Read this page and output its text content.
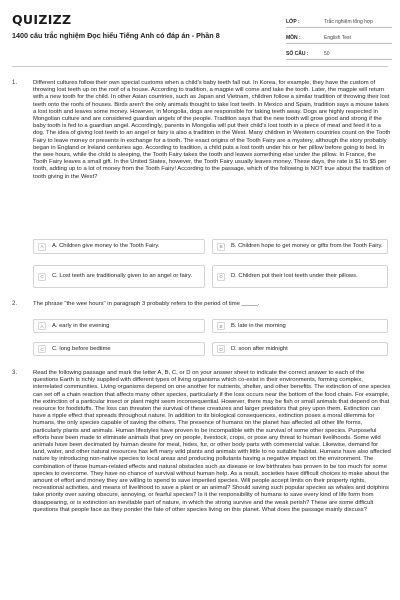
QUIZIZZ
1400 câu trắc nghiệm Đọc hiểu Tiếng Anh có đáp án - Phần 8
LỚP :	Trắc nghiệm tổng hợp
MÔN :	English Test
SỐ CÂU :	50
1.	Different cultures follow their own special customs when a child's baby teeth fall out. In Korea, for example, they have the custom of throwing lost teeth up on the roof of a house. According to tradition, a magpie will come and take the tooth. Later, the magpie will return with a new tooth for the child. In other Asian countries, such as Japan and Vietnam, children follow a similar tradition of throwing their lost teeth onto the roofs of houses. Birds aren't the only animals thought to take lost teeth. In Mexico and Spain, tradition says a mouse takes a lost tooth and leaves some money. However, in Mongolia, dogs are responsible for taking teeth away. Dogs are highly respected in Mongolian culture and are considered guardian angels of the people. Tradition says that the new tooth will grow good and strong if the baby tooth is fed to a guardian angel. Accordingly, parents in Mongolia will put their child's lost tooth in a piece of meat and feed it to a dog. The idea of giving lost teeth to an angel or fairy is also a tradition in the West. Many children in Western countries count on the Tooth Fairy to leave money or presents in exchange for a tooth. The exact origins of the Tooth Fairy are a mystery, although the story probably began in England or Ireland centuries ago. According to tradition, a child puts a lost tooth under his or her pillow before going to bed. In the wee hours, while the child is sleeping, the Tooth Fairy takes the tooth and leaves something else under the pillow. In France, the Tooth Fairy leaves a small gift. In the United States, however, the Tooth Fairy usually leaves money. These days, the rate is $1 to $5 per tooth, adding up to a lot of money from the Tooth Fairy! According to the passage, which of the following is NOT true about the tradition of tooth giving in the West?
A	A. Children give money to the Tooth Fairy.	B	B. Children hope to get money or gifts from the Tooth Fairy.
C	C. Lost teeth are traditionally given to an angel or fairy.	D	D. Children put their lost teeth under their pillows.
2.	The phrase "the wee hours" in paragraph 3 probably refers to the period of time _____.
A	A. early in the evening	B	B. late in the morning
C	C. long before bedtime	D	D. soon after midnight
3.	Read the following passage and mark the letter A, B, C, or D on your answer sheet to indicate the correct answer to each of the questions Earth is richly supplied with different types of living organisms which co-exist in their environments, forming complex, interrelated communities. Living organisms depend on one another for nutrients, shelter, and other benefits. The extinction of one species can set off a chain reaction that affects many other species, particularly if the loss occurs near the bottom of the food chain. For example, the extinction of a particular insect or plant might seem inconsequential. However, there may be fish or small animals that depend on that resource for foodstuffs. The loss can threaten the survival of these creatures and larger predators that prey upon them. Extinction can have a ripple effect that spreads throughout nature. In addition to its biological consequences, extinction poses a moral dilemma for humans, the only species capable of saving the others. The presence of humans on the planet has affected all other life forms, particularly plants and animals. Human lifestyles have proven to be incompatible with the survival of some other species. Purposeful efforts have been made to eliminate animals that prey on people, livestock, crops, or pose any threat to human livelihoods. Some wild animals have been decimated by human desire for meat, hides, fur, or other body parts with commercial value. Likewise, demand for land, water, and other natural resources has left many wild plants and animals with little to no suitable habitat. Humans have also affected nature by introducing non-native species to local areas and producing pollutants having a negative impact on the environment. The combination of these human-related effects and natural obstacles such as disease or low birthrates has proven to be too much for some species to overcome. They have no chance of survival without human help. As a result, societies have difficult choices to make about the amount of effort and money they are willing to spend to save imperiled species. Will people accept limits on their property rights, recreational activities, and means of livelihood to save a plant or an animal? Should saving such popular species as whales and dolphins take priority over saving obscure, annoying, or fearful species? Is it the responsibility of humans to save every kind of life form from disappearing, or is extinction an inevitable part of nature, in which the strong survive and the weak perish? These are some difficult questions that people face as they ponder the fate of other species living on this planet. What does the passage mainly discuss?
